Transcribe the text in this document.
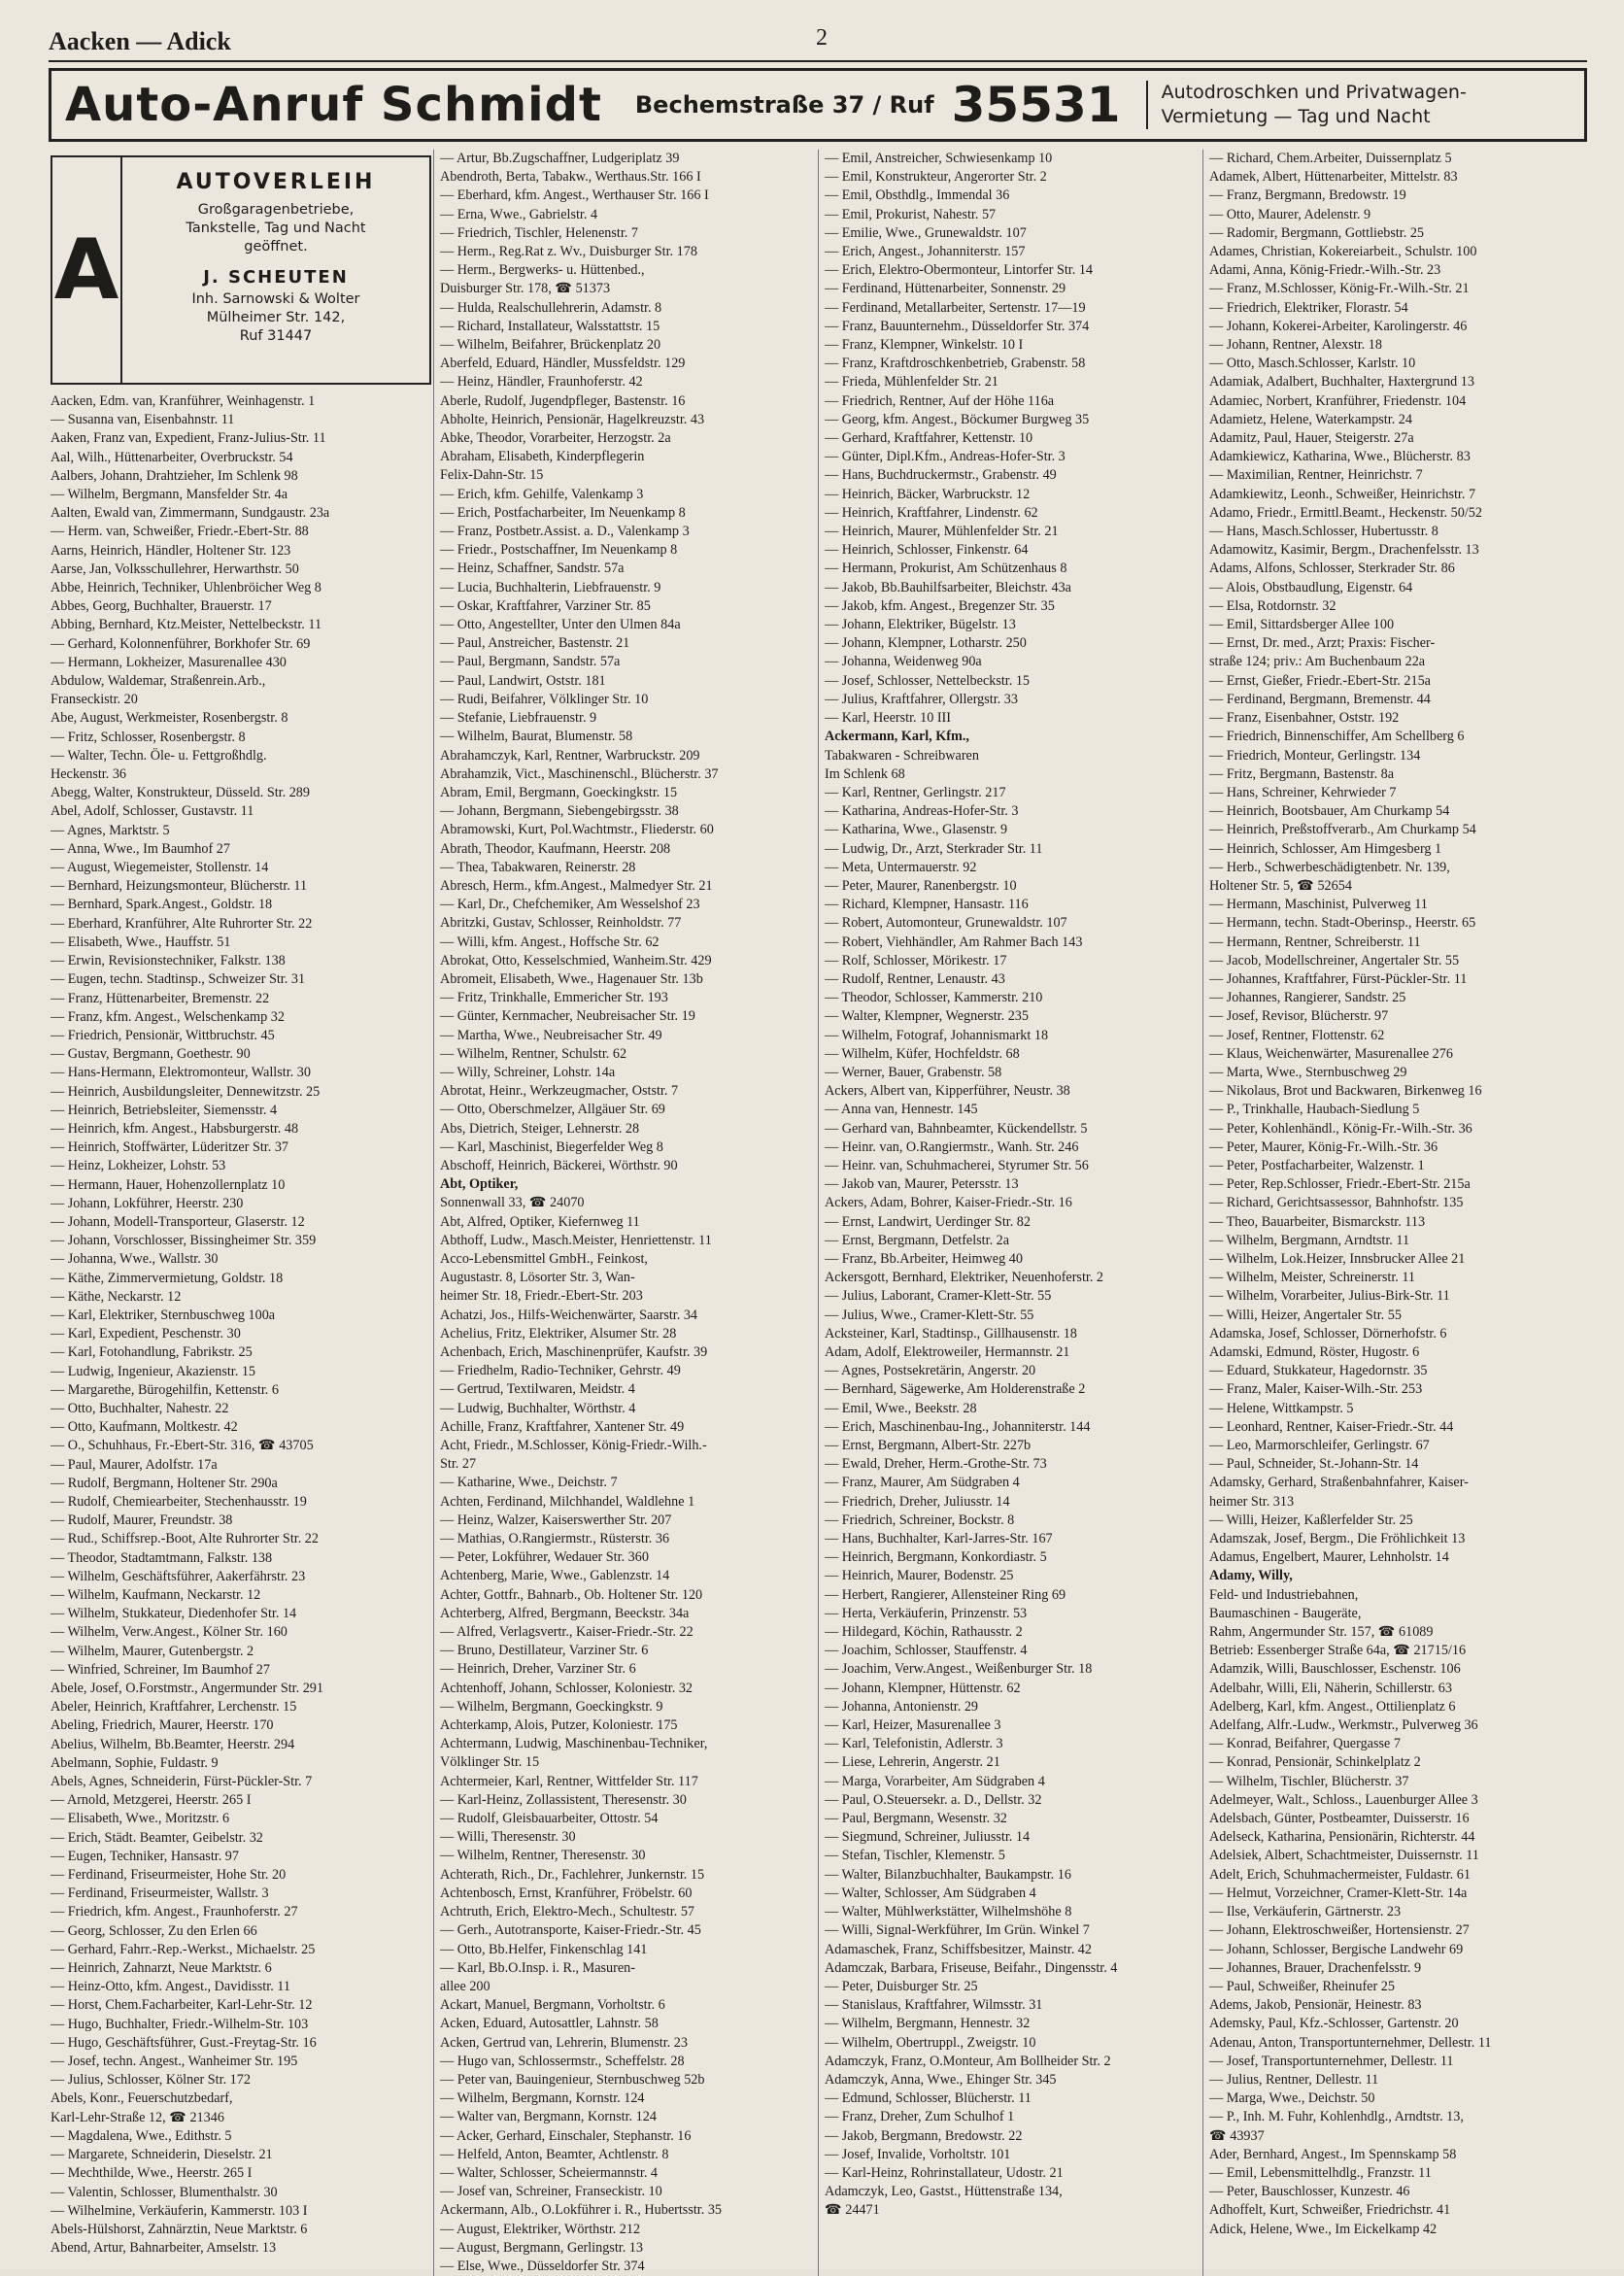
Aacken — Adick	2
Auto-Anruf Schmidt Bechemstraße 37 / Ruf 35531 Autodroschken und Privatwagen-
Vermietung — Tag und Nacht
A
AUTOVERLEIH
Großgaragenbetriebe,
Tankstelle, Tag und Nacht
geöffnet.
J. SCHEUTEN
Inh. Sarnowski & Wolter
Mülheimer Str. 142,
Ruf 31447
Aacken, Edm. van, Kranführer, Weinhagenstr. 1
— Susanna van, Eisenbahnstr. 11
Aaken, Franz van, Expedient, Franz-Julius-Str. 11
Aal, Wilh., Hüttenarbeiter, Overbruckstr. 54
Aalbers, Johann, Drahtzieher, Im Schlenk 98
— Wilhelm, Bergmann, Mansfelder Str. 4a
Aalten, Ewald van, Zimmermann, Sundgaustr. 23a
— Herm. van, Schweißer, Friedr.-Ebert-Str. 88
Aarns, Heinrich, Händler, Holtener Str. 123
Aarse, Jan, Volksschullehrer, Herwarthstr. 50
Abbe, Heinrich, Techniker, Uhlenbröicher Weg 8
Abbes, Georg, Buchhalter, Brauerstr. 17
Abbing, Bernhard, Ktz.Meister, Nettelbeckstr. 11
— Gerhard, Kolonnenführer, Borkhofer Str. 69
— Hermann, Lokheizer, Masurenallee 430
Abdulow, Waldemar, Straßenrein.Arb.,
Franseckistr. 20
Abe, August, Werkmeister, Rosenbergstr. 8
— Fritz, Schlosser, Rosenbergstr. 8
— Walter, Techn. Öle- u. Fettgroßhdlg.
Heckenstr. 36
Abegg, Walter, Konstrukteur, Düsseld. Str. 289
Abel, Adolf, Schlosser, Gustavstr. 11
— Agnes, Marktstr. 5
— Anna, Wwe., Im Baumhof 27
— August, Wiegemeister, Stollenstr. 14
— Bernhard, Heizungsmonteur, Blücherstr. 11
— Bernhard, Spark.Angest., Goldstr. 18
— Eberhard, Kranführer, Alte Ruhrorter Str. 22
— Elisabeth, Wwe., Hauffstr. 51
— Erwin, Revisionstechniker, Falkstr. 138
— Eugen, techn. Stadtinsp., Schweizer Str. 31
— Franz, Hüttenarbeiter, Bremenstr. 22
— Franz, kfm. Angest., Welschenkamp 32
— Friedrich, Pensionär, Wittbruchstr. 45
— Gustav, Bergmann, Goethestr. 90
— Hans-Hermann, Elektromonteur, Wallstr. 30
— Heinrich, Ausbildungsleiter, Dennewitzstr. 25
— Heinrich, Betriebsleiter, Siemensstr. 4
— Heinrich, kfm. Angest., Habsburgerstr. 48
— Heinrich, Stoffwärter, Lüderitzer Str. 37
— Heinz, Lokheizer, Lohstr. 53
— Hermann, Hauer, Hohenzollernplatz 10
— Johann, Lokführer, Heerstr. 230
— Johann, Modell-Transporteur, Glaserstr. 12
— Johann, Vorschlosser, Bissingheimer Str. 359
— Johanna, Wwe., Wallstr. 30
— Käthe, Zimmervermietung, Goldstr. 18
— Käthe, Neckarstr. 12
— Karl, Elektriker, Sternbuschweg 100a
— Karl, Expedient, Peschenstr. 30
— Karl, Fotohandlung, Fabrikstr. 25
— Ludwig, Ingenieur, Akazienstr. 15
— Margarethe, Bürogehilfin, Kettenstr. 6
— Otto, Buchhalter, Nahestr. 22
— Otto, Kaufmann, Moltkestr. 42
— O., Schuhhaus, Fr.-Ebert-Str. 316, ☎ 43705
— Paul, Maurer, Adolfstr. 17a
— Rudolf, Bergmann, Holtener Str. 290a
— Rudolf, Chemiearbeiter, Stechenhausstr. 19
— Rudolf, Maurer, Freundstr. 38
— Rud., Schiffsrep.-Boot, Alte Ruhrorter Str. 22
— Theodor, Stadtamtmann, Falkstr. 138
— Wilhelm, Geschäftsführer, Aakerfährstr. 23
— Wilhelm, Kaufmann, Neckarstr. 12
— Wilhelm, Stukkateur, Diedenhofer Str. 14
— Wilhelm, Verw.Angest., Kölner Str. 160
— Wilhelm, Maurer, Gutenbergstr. 2
— Winfried, Schreiner, Im Baumhof 27
Abele, Josef, O.Forstmstr., Angermunder Str. 291
Abeler, Heinrich, Kraftfahrer, Lerchenstr. 15
Abeling, Friedrich, Maurer, Heerstr. 170
Abelius, Wilhelm, Bb.Beamter, Heerstr. 294
Abelmann, Sophie, Fuldastr. 9
Abels, Agnes, Schneiderin, Fürst-Pückler-Str. 7
— Arnold, Metzgerei, Heerstr. 265 I
— Elisabeth, Wwe., Moritzstr. 6
— Erich, Städt. Beamter, Geibelstr. 32
— Eugen, Techniker, Hansastr. 97
— Ferdinand, Friseurmeister, Hohe Str. 20
— Ferdinand, Friseurmeister, Wallstr. 3
— Friedrich, kfm. Angest., Fraunhoferstr. 27
— Georg, Schlosser, Zu den Erlen 66
— Gerhard, Fahrr.-Rep.-Werkst., Michaelstr. 25
— Heinrich, Zahnarzt, Neue Marktstr. 6
— Heinz-Otto, kfm. Angest., Davidisstr. 11
— Horst, Chem.Facharbeiter, Karl-Lehr-Str. 12
— Hugo, Buchhalter, Friedr.-Wilhelm-Str. 103
— Hugo, Geschäftsführer, Gust.-Freytag-Str. 16
— Josef, techn. Angest., Wanheimer Str. 195
— Julius, Schlosser, Kölner Str. 172
Abels, Konr., Feuerschutzbedarf,
Karl-Lehr-Straße 12, ☎ 21346
— Magdalena, Wwe., Edithstr. 5
— Margarete, Schneiderin, Dieselstr. 21
— Mechthilde, Wwe., Heerstr. 265 I
— Valentin, Schlosser, Blumenthalstr. 30
— Wilhelmine, Verkäuferin, Kammerstr. 103 I
Abels-Hülshorst, Zahnärztin, Neue Marktstr. 6
Abend, Artur, Bahnarbeiter, Amselstr. 13
— Artur, Bb.Zugschaffner, Ludgeriplatz 39
Abendroth, Berta, Tabakw., Werthaus.Str. 166 I
— Eberhard, kfm. Angest., Werthauser Str. 166 I
— Erna, Wwe., Gabrielstr. 4
— Friedrich, Tischler, Helenenstr. 7
— Herm., Reg.Rat z. Wv., Duisburger Str. 178
— Herm., Bergwerks- u. Hüttenbed.,
Duisburger Str. 178, ☎ 51373
— Hulda, Realschullehrerin, Adamstr. 8
— Richard, Installateur, Walsstattstr. 15
— Wilhelm, Beifahrer, Brückenplatz 20
Aberfeld, Eduard, Händler, Mussfeldstr. 129
— Heinz, Händler, Fraunhoferstr. 42
Aberle, Rudolf, Jugendpfleger, Bastenstr. 16
Abholte, Heinrich, Pensionär, Hagelkreuzstr. 43
Abke, Theodor, Vorarbeiter, Herzogstr. 2a
Abraham, Elisabeth, Kinderpflegerin
Felix-Dahn-Str. 15
— Erich, kfm. Gehilfe, Valenkamp 3
— Erich, Postfacharbeiter, Im Neuenkamp 8
— Franz, Postbetr.Assist. a. D., Valenkamp 3
— Friedr., Postschaffner, Im Neuenkamp 8
— Heinz, Schaffner, Sandstr. 57a
— Lucia, Buchhalterin, Liebfrauenstr. 9
— Oskar, Kraftfahrer, Varziner Str. 85
— Otto, Angestellter, Unter den Ulmen 84a
— Paul, Anstreicher, Bastenstr. 21
— Paul, Bergmann, Sandstr. 57a
— Paul, Landwirt, Oststr. 181
— Rudi, Beifahrer, Völklinger Str. 10
— Stefanie, Liebfrauenstr. 9
— Wilhelm, Baurat, Blumenstr. 58
Abrahamczyk, Karl, Rentner, Warbruckstr. 209
Abrahamzik, Vict., Maschinenschl., Blücherstr. 37
Abram, Emil, Bergmann, Goeckingkstr. 15
— Johann, Bergmann, Siebengebirgsstr. 38
Abramowski, Kurt, Pol.Wachtmstr., Fliederstr. 60
Abrath, Theodor, Kaufmann, Heerstr. 208
— Thea, Tabakwaren, Reinerstr. 28
Abresch, Herm., kfm.Angest., Malmedyer Str. 21
— Karl, Dr., Chefchemiker, Am Wesselshof 23
Abritzki, Gustav, Schlosser, Reinholdstr. 77
— Willi, kfm. Angest., Hoffsche Str. 62
Abrokat, Otto, Kesselschmied, Wanheim.Str. 429
Abromeit, Elisabeth, Wwe., Hagenauer Str. 13b
— Fritz, Trinkhalle, Emmericher Str. 193
— Günter, Kernmacher, Neubreisacher Str. 19
— Martha, Wwe., Neubreisacher Str. 49
— Wilhelm, Rentner, Schulstr. 62
— Willy, Schreiner, Lohstr. 14a
Abrotat, Heinr., Werkzeugmacher, Oststr. 7
— Otto, Oberschmelzer, Allgäuer Str. 69
Abs, Dietrich, Steiger, Lehnerstr. 28
— Karl, Maschinist, Biegerfelder Weg 8
Abschoff, Heinrich, Bäckerei, Wörthstr. 90
Abt, Optiker,
Sonnenwall 33, ☎ 24070
Abt, Alfred, Optiker, Kiefernweg 11
Abthoff, Ludw., Masch.Meister, Henriettenstr. 11
Acco-Lebensmittel GmbH., Feinkost,
Augustastr. 8, Lösorter Str. 3, Wan-
heimer Str. 18, Friedr.-Ebert-Str. 203
Achatzi, Jos., Hilfs-Weichenwärter, Saarstr. 34
Achelius, Fritz, Elektriker, Alsumer Str. 28
Achenbach, Erich, Maschinenprüfer, Kaufstr. 39
— Friedhelm, Radio-Techniker, Gehrstr. 49
— Gertrud, Textilwaren, Meidstr. 4
— Ludwig, Buchhalter, Wörthstr. 4
Achille, Franz, Kraftfahrer, Xantener Str. 49
Acht, Friedr., M.Schlosser, König-Friedr.-Wilh.-
Str. 27
— Katharine, Wwe., Deichstr. 7
Achten, Ferdinand, Milchhandel, Waldlehne 1
— Heinz, Walzer, Kaiserswerther Str. 207
— Mathias, O.Rangiermstr., Rüsterstr. 36
— Peter, Lokführer, Wedauer Str. 360
Achtenberg, Marie, Wwe., Gablenzstr. 14
Achter, Gottfr., Bahnarb., Ob. Holtener Str. 120
Achterberg, Alfred, Bergmann, Beeckstr. 34a
— Alfred, Verlagsvertr., Kaiser-Friedr.-Str. 22
— Bruno, Destillateur, Varziner Str. 6
— Heinrich, Dreher, Varziner Str. 6
Achtenhoff, Johann, Schlosser, Koloniestr. 32
— Wilhelm, Bergmann, Goeckingkstr. 9
Achterkamp, Alois, Putzer, Koloniestr. 175
Achtermann, Ludwig, Maschinenbau-Techniker,
Völklinger Str. 15
Achtermeier, Karl, Rentner, Wittfelder Str. 117
— Karl-Heinz, Zollassistent, Theresenstr. 30
— Rudolf, Gleisbauarbeiter, Ottostr. 54
— Willi, Theresenstr. 30
— Wilhelm, Rentner, Theresenstr. 30
Achterath, Rich., Dr., Fachlehrer, Junkernstr. 15
Achtenbosch, Ernst, Kranführer, Fröbelstr. 60
Achtruth, Erich, Elektro-Mech., Schultestr. 57
— Gerh., Autotransporte, Kaiser-Friedr.-Str. 45
— Otto, Bb.Helfer, Finkenschlag 141
— Karl, Bb.O.Insp. i. R., Masuren-
allee 200
Ackart, Manuel, Bergmann, Vorholtstr. 6
Acken, Eduard, Autosattler, Lahnstr. 58
Acken, Gertrud van, Lehrerin, Blumenstr. 23
— Hugo van, Schlossermstr., Scheffelstr. 28
— Peter van, Bauingenieur, Sternbuschweg 52b
— Wilhelm, Bergmann, Kornstr. 124
— Walter van, Bergmann, Kornstr. 124
— Acker, Gerhard, Einschaler, Stephanstr. 16
— Helfeld, Anton, Beamter, Achtlenstr. 8
— Walter, Schlosser, Scheiermannstr. 4
— Josef van, Schreiner, Franseckistr. 10
Ackermann, Alb., O.Lokführer i. R., Hubertsstr. 35
— August, Elektriker, Wörthstr. 212
— August, Bergmann, Gerlingstr. 13
— Else, Wwe., Düsseldorfer Str. 374
— Emil, Anstreicher, Schwiesenkamp 10
— Emil, Konstrukteur, Angerorter Str. 2
— Emil, Obsthdlg., Immendal 36
— Emil, Prokurist, Nahestr. 57
— Emilie, Wwe., Grunewaldstr. 107
— Erich, Angest., Johanniterstr. 157
— Erich, Elektro-Obermonteur, Lintorfer Str. 14
— Ferdinand, Hüttenarbeiter, Sonnenstr. 29
— Ferdinand, Metallarbeiter, Sertenstr. 17—19
— Franz, Bauunternehm., Düsseldorfer Str. 374
— Franz, Klempner, Winkelstr. 10 I
— Franz, Kraftdroschkenbetrieb, Grabenstr. 58
— Frieda, Mühlenfelder Str. 21
— Friedrich, Rentner, Auf der Höhe 116a
— Georg, kfm. Angest., Böckumer Burgweg 35
— Gerhard, Kraftfahrer, Kettenstr. 10
— Günter, Dipl.Kfm., Andreas-Hofer-Str. 3
— Hans, Buchdruckermstr., Grabenstr. 49
— Heinrich, Bäcker, Warbruckstr. 12
— Heinrich, Kraftfahrer, Lindenstr. 62
— Heinrich, Maurer, Mühlenfelder Str. 21
— Heinrich, Schlosser, Finkenstr. 64
— Hermann, Prokurist, Am Schützenhaus 8
— Jakob, Bb.Bauhilfsarbeiter, Bleichstr. 43a
— Jakob, kfm. Angest., Bregenzer Str. 35
— Johann, Elektriker, Bügelstr. 13
— Johann, Klempner, Lotharstr. 250
— Johanna, Weidenweg 90a
— Josef, Schlosser, Nettelbeckstr. 15
— Julius, Kraftfahrer, Ollergstr. 33
— Karl, Heerstr. 10 III
Ackermann, Karl, Kfm.,
Tabakwaren - Schreibwaren
Im Schlenk 68
— Karl, Rentner, Gerlingstr. 217
— Katharina, Andreas-Hofer-Str. 3
— Katharina, Wwe., Glasenstr. 9
— Ludwig, Dr., Arzt, Sterkrader Str. 11
— Meta, Untermauerstr. 92
— Peter, Maurer, Ranenbergstr. 10
— Richard, Klempner, Hansastr. 116
— Robert, Automonteur, Grunewaldstr. 107
— Robert, Viehhändler, Am Rahmer Bach 143
— Rolf, Schlosser, Mörikestr. 17
— Rudolf, Rentner, Lenaustr. 43
— Theodor, Schlosser, Kammerstr. 210
— Walter, Klempner, Wegnerstr. 235
— Wilhelm, Fotograf, Johannismarkt 18
— Wilhelm, Küfer, Hochfeldstr. 68
— Werner, Bauer, Grabenstr. 58
Ackers, Albert van, Kipperführer, Neustr. 38
— Anna van, Hennestr. 145
— Gerhard van, Bahnbeamter, Kückendellstr. 5
— Heinr. van, O.Rangiermstr., Wanh. Str. 246
— Heinr. van, Schuhmacherei, Styrumer Str. 56
— Jakob van, Maurer, Petersstr. 13
Ackers, Adam, Bohrer, Kaiser-Friedr.-Str. 16
— Ernst, Landwirt, Uerdinger Str. 82
— Ernst, Bergmann, Detfelstr. 2a
— Franz, Bb.Arbeiter, Heimweg 40
Ackersgott, Bernhard, Elektriker, Neuenhoferstr. 2
— Julius, Laborant, Cramer-Klett-Str. 55
— Julius, Wwe., Cramer-Klett-Str. 55
Acksteiner, Karl, Stadtinsp., Gillhausenstr. 18
Adam, Adolf, Elektroweiler, Hermannstr. 21
— Agnes, Postsekretärin, Angerstr. 20
— Bernhard, Sägewerke, Am Holderenstraße 2
— Emil, Wwe., Beekstr. 28
— Erich, Maschinenbau-Ing., Johanniterstr. 144
— Ernst, Bergmann, Albert-Str. 227b
— Ewald, Dreher, Herm.-Grothe-Str. 73
— Franz, Maurer, Am Südgraben 4
— Friedrich, Dreher, Juliusstr. 14
— Friedrich, Schreiner, Bockstr. 8
— Hans, Buchhalter, Karl-Jarres-Str. 167
— Heinrich, Bergmann, Konkordiastr. 5
— Heinrich, Maurer, Bodenstr. 25
— Herbert, Rangierer, Allensteiner Ring 69
— Herta, Verkäuferin, Prinzenstr. 53
— Hildegard, Köchin, Rathausstr. 2
— Joachim, Schlosser, Stauffenstr. 4
— Joachim, Verw.Angest., Weißenburger Str. 18
— Johann, Klempner, Hüttenstr. 62
— Johanna, Antonienstr. 29
— Karl, Heizer, Masurenallee 3
— Karl, Telefonistin, Adlerstr. 3
— Liese, Lehrerin, Angerstr. 21
— Marga, Vorarbeiter, Am Südgraben 4
— Paul, O.Steuersekr. a. D., Dellstr. 32
— Paul, Bergmann, Wesenstr. 32
— Siegmund, Schreiner, Juliusstr. 14
— Stefan, Tischler, Klemenstr. 5
— Walter, Bilanzbuchhalter, Baukampstr. 16
— Walter, Schlosser, Am Südgraben 4
— Walter, Mühlwerkstätter, Wilhelmshöhe 8
— Willi, Signal-Werkführer, Im Grün. Winkel 7
Adamaschek, Franz, Schiffsbesitzer, Mainstr. 42
Adamczak, Barbara, Friseuse, Beifahr., Dingensstr. 4
— Peter, Duisburger Str. 25
— Stanislaus, Kraftfahrer, Wilmsstr. 31
— Wilhelm, Bergmann, Hennestr. 32
— Wilhelm, Obertruppl., Zweigstr. 10
Adamczyk, Franz, O.Monteur, Am Bollheider Str. 2
Adamczyk, Anna, Wwe., Ehinger Str. 345
— Edmund, Schlosser, Blücherstr. 11
— Franz, Dreher, Zum Schulhof 1
— Jakob, Bergmann, Bredowstr. 22
— Josef, Invalide, Vorholtstr. 101
— Karl-Heinz, Rohrinstallateur, Udostr. 21
Adamczyk, Leo, Gastst., Hüttenstraße 134,
☎ 24471
— Richard, Chem.Arbeiter, Duissernplatz 5
Adamek, Albert, Hüttenarbeiter, Mittelstr. 83
— Franz, Bergmann, Bredowstr. 19
— Otto, Maurer, Adelenstr. 9
— Radomir, Bergmann, Gottliebstr. 25
Adames, Christian, Kokereiarbeit., Schulstr. 100
Adami, Anna, König-Friedr.-Wilh.-Str. 23
— Franz, M.Schlosser, König-Fr.-Wilh.-Str. 21
— Friedrich, Elektriker, Florastr. 54
— Johann, Kokerei-Arbeiter, Karolingerstr. 46
— Johann, Rentner, Alexstr. 18
— Otto, Masch.Schlosser, Karlstr. 10
Adamiak, Adalbert, Buchhalter, Haxtergrund 13
Adamiec, Norbert, Kranführer, Friedenstr. 104
Adamietz, Helene, Waterkampstr. 24
Adamitz, Paul, Hauer, Steigerstr. 27a
Adamkiewicz, Katharina, Wwe., Blücherstr. 83
— Maximilian, Rentner, Heinrichstr. 7
Adamkiewitz, Leonh., Schweißer, Heinrichstr. 7
Adamo, Friedr., Ermittl.Beamt., Heckenstr. 50/52
— Hans, Masch.Schlosser, Hubertusstr. 8
Adamowitz, Kasimir, Bergm., Drachenfelsstr. 13
Adams, Alfons, Schlosser, Sterkrader Str. 86
— Alois, Obstbaudlung, Eigenstr. 64
— Elsa, Rotdornstr. 32
— Emil, Sittardsberger Allee 100
— Ernst, Dr. med., Arzt; Praxis: Fischer-
straße 124; priv.: Am Buchenbaum 22a
— Ernst, Gießer, Friedr.-Ebert-Str. 215a
— Ferdinand, Bergmann, Bremenstr. 44
— Franz, Eisenbahner, Oststr. 192
— Friedrich, Binnenschiffer, Am Schellberg 6
— Friedrich, Monteur, Gerlingstr. 134
— Fritz, Bergmann, Bastenstr. 8a
— Hans, Schreiner, Kehrwieder 7
— Heinrich, Bootsbauer, Am Churkamp 54
— Heinrich, Preßstoffverarb., Am Churkamp 54
— Heinrich, Schlosser, Am Himgesberg 1
— Herb., Schwerbeschädigtenbetr. Nr. 139,
Holtener Str. 5, ☎ 52654
— Hermann, Maschinist, Pulverweg 11
— Hermann, techn. Stadt-Oberinsp., Heerstr. 65
— Hermann, Rentner, Schreiberstr. 11
— Jacob, Modellschreiner, Angertaler Str. 55
— Johannes, Kraftfahrer, Fürst-Pückler-Str. 11
— Johannes, Rangierer, Sandstr. 25
— Josef, Revisor, Blücherstr. 97
— Josef, Rentner, Flottenstr. 62
— Klaus, Weichenwärter, Masurenallee 276
— Marta, Wwe., Sternbuschweg 29
— Nikolaus, Brot und Backwaren, Birkenweg 16
— P., Trinkhalle, Haubach-Siedlung 5
— Peter, Kohlenhändl., König-Fr.-Wilh.-Str. 36
— Peter, Maurer, König-Fr.-Wilh.-Str. 36
— Peter, Postfacharbeiter, Walzenstr. 1
— Peter, Rep.Schlosser, Friedr.-Ebert-Str. 215a
— Richard, Gerichtsassessor, Bahnhofstr. 135
— Theo, Bauarbeiter, Bismarckstr. 113
— Wilhelm, Bergmann, Arndtstr. 11
— Wilhelm, Lok.Heizer, Innsbrucker Allee 21
— Wilhelm, Meister, Schreinerstr. 11
— Wilhelm, Vorarbeiter, Julius-Birk-Str. 11
— Willi, Heizer, Angertaler Str. 55
Adamska, Josef, Schlosser, Dörnerhofstr. 6
Adamski, Edmund, Röster, Hugostr. 6
— Eduard, Stukkateur, Hagedornstr. 35
— Franz, Maler, Kaiser-Wilh.-Str. 253
— Helene, Wittkampstr. 5
— Leonhard, Rentner, Kaiser-Friedr.-Str. 44
— Leo, Marmorschleifer, Gerlingstr. 67
— Paul, Schneider, St.-Johann-Str. 14
Adamsky, Gerhard, Straßenbahnfahrer, Kaiser-
heimer Str. 313
— Willi, Heizer, Kaßlerfelder Str. 25
Adamszak, Josef, Bergm., Die Fröhlichkeit 13
Adamus, Engelbert, Maurer, Lehnholstr. 14
Adamy, Willy,
Feld- und Industriebahnen,
Baumaschinen - Baugeräte,
Rahm, Angermunder Str. 157, ☎ 61089
Betrieb: Essenberger Straße 64a, ☎ 21715/16
Adamzik, Willi, Bauschlosser, Eschenstr. 106
Adelbahr, Willi, Eli, Näherin, Schillerstr. 63
Adelberg, Karl, kfm. Angest., Ottilienplatz 6
Adelfang, Alfr.-Ludw., Werkmstr., Pulverweg 36
— Konrad, Beifahrer, Quergasse 7
— Konrad, Pensionär, Schinkelplatz 2
— Wilhelm, Tischler, Blücherstr. 37
Adelmeyer, Walt., Schloss., Lauenburger Allee 3
Adelsbach, Günter, Postbeamter, Duisserstr. 16
Adelseck, Katharina, Pensionärin, Richterstr. 44
Adelsiek, Albert, Schachtmeister, Duissernstr. 11
Adelt, Erich, Schuhmachermeister, Fuldastr. 61
— Helmut, Vorzeichner, Cramer-Klett-Str. 14a
— Ilse, Verkäuferin, Gärtnerstr. 23
— Johann, Elektroschweißer, Hortensienstr. 27
— Johann, Schlosser, Bergische Landwehr 69
— Johannes, Brauer, Drachenfelsstr. 9
— Paul, Schweißer, Rheinufer 25
Adems, Jakob, Pensionär, Heinestr. 83
Ademsky, Paul, Kfz.-Schlosser, Gartenstr. 20
Adenau, Anton, Transportunternehmer, Dellestr. 11
— Josef, Transportunternehmer, Dellestr. 11
— Julius, Rentner, Dellestr. 11
— Marga, Wwe., Deichstr. 50
— P., Inh. M. Fuhr, Kohlenhdlg., Arndtstr. 13,
☎ 43937
Ader, Bernhard, Angest., Im Spennskamp 58
— Emil, Lebensmittelhdlg., Franzstr. 11
— Peter, Bauschlosser, Kunzestr. 46
Adhoffelt, Kurt, Schweißer, Friedrichstr. 41
Adick, Helene, Wwe., Im Eickelkamp 42
